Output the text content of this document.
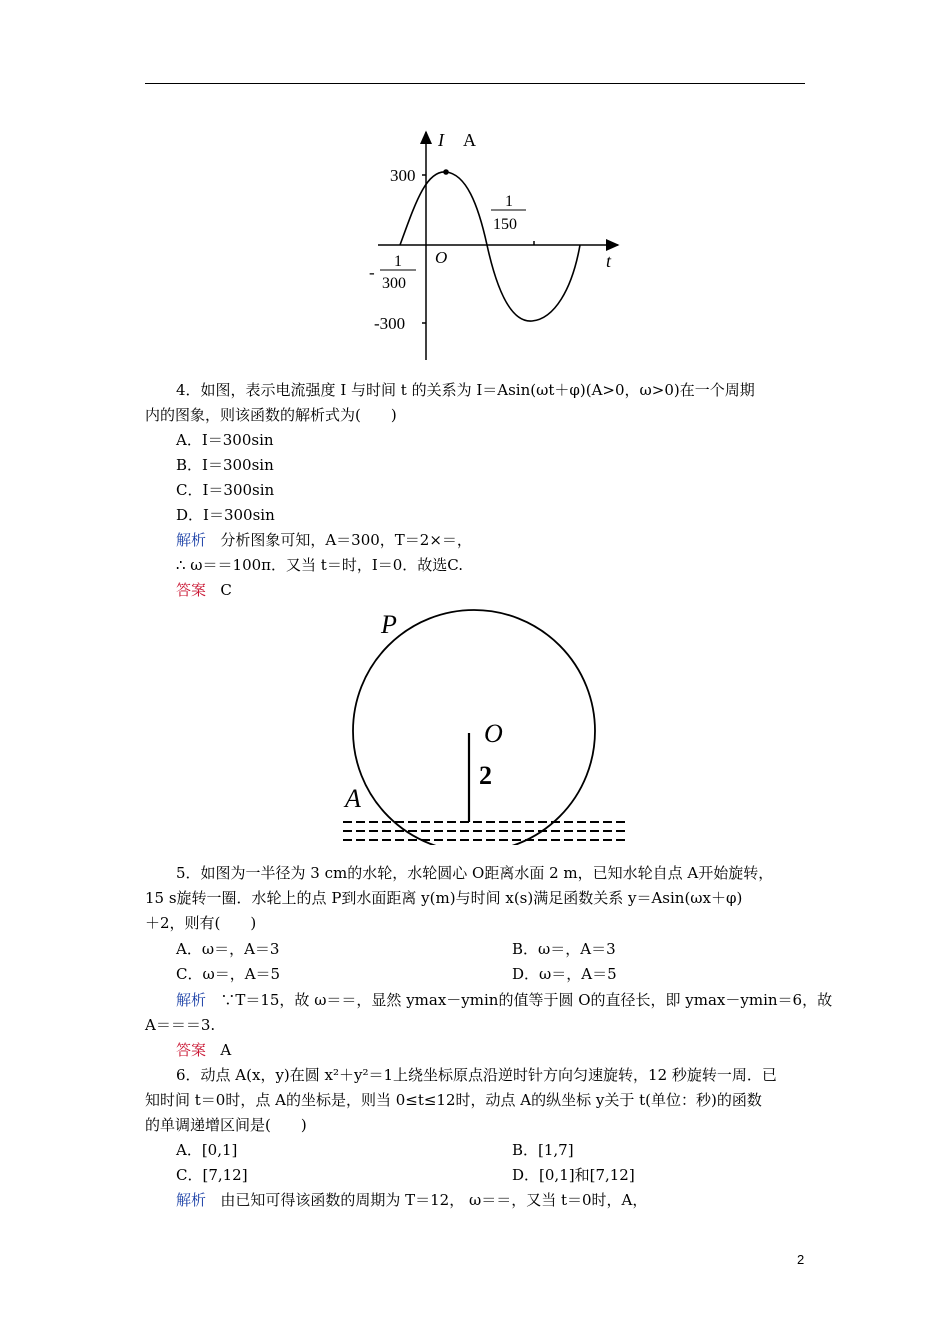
I A
300
-300
O	t
-
1
300
1
150
4．如图，表示电流强度 I 与时间 t 的关系为 I＝Asin(ωt＋φ)(A>0，ω>0)在一个周期
内的图象，则该函数的解析式为(　　)
A．I＝300sin
B．I＝300sin
C．I＝300sin
D．I＝300sin
解析 分析图象可知，A＝300，T＝2×＝，
∴ ω＝＝100π．又当 t＝时，I＝0．故选C.
答案 C
P
O
2
A
5．如图为一半径为 3 cm的水轮，水轮圆心 O距离水面 2 m，已知水轮自点 A开始旋转，
15 s旋转一圈．水轮上的点 P到水面距离 y(m)与时间 x(s)满足函数关系 y＝Asin(ωx＋φ)
＋2，则有(　　)
A．ω＝，A＝3	B．ω＝，A＝3
C．ω＝，A＝5	D．ω＝，A＝5
解析 ∵T＝15，故 ω＝＝，显然 ymax－ymin的值等于圆 O的直径长，即 ymax－ymin＝6，故
A＝＝＝3.
答案 A
6．动点 A(x，y)在圆 x²＋y²＝1上绕坐标原点沿逆时针方向匀速旋转，12 秒旋转一周．已
知时间 t＝0时，点 A的坐标是，则当 0≤t≤12时，动点 A的纵坐标 y关于 t(单位：秒)的函数
的单调递增区间是(　　)
A．[0,1]	B．[1,7]
C．[7,12]	D．[0,1]和[7,12]
解析 由已知可得该函数的周期为 T＝12， ω＝＝，又当 t＝0时，A，
2
